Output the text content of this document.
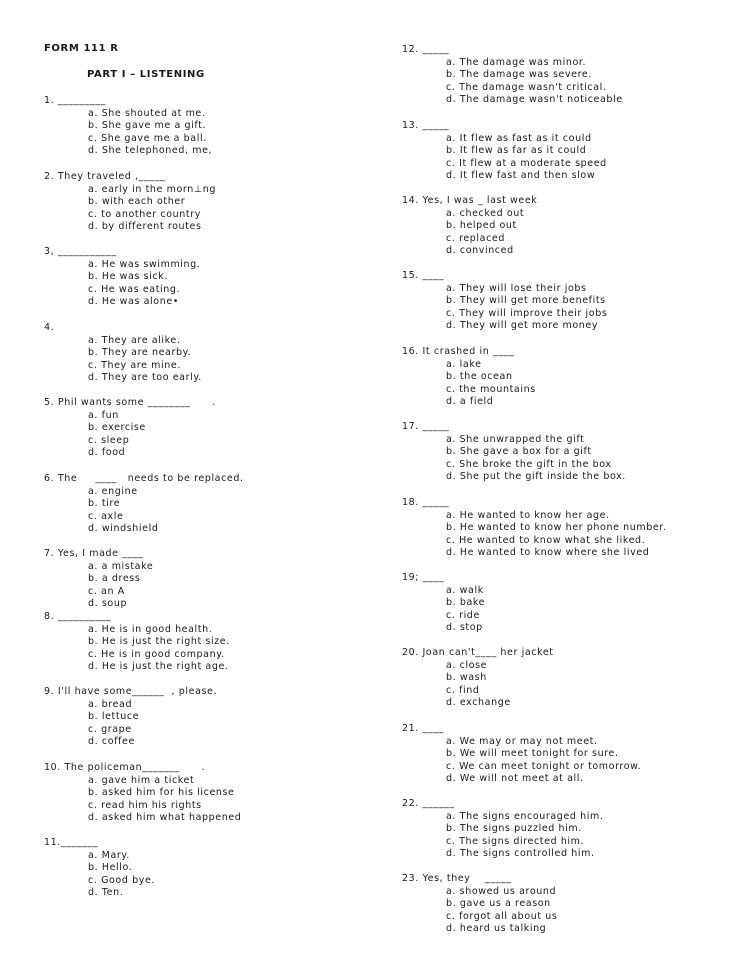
FORM 111 R
PART I – LISTENING
1. _________
a. She shouted at me.
b. She gave me a gift.
c. She gave me a ball.
d. She telephoned, me,
2. They traveled ,_____
a. early in the morn⊥ng
b. with each other
c. to another country
d. by different routes
3, ___________
a. He was swimming.
b. He was sick.
c. He was eating.
d. He was alone•
4.
a. They are alike.
b. They are nearby.
c. They are mine.
d. They are too early.
5. Phil wants some ________      .
a. fun
b. exercise
c. sleep
d. food
6. The     ____   needs to be replaced.
a. engine
b. tire
c. axle
d. windshield
7. Yes, I made ____
a. a mistake
b. a dress
c. an A
d. soup
8. __________
a. He is in good health.
b. He is just the right size.
c. He is in good company.
d. He is just the right age.
9. I'll have some______  , please.
a. bread
b. lettuce
c. grape
d. coffee
10. The policeman_______      .
a. gave him a ticket
b. asked him for his license
c. read him his rights
d. asked him what happened
11._______
a. Mary.
b. Hello.
c. Good bye.
d. Ten.
12. _____
a. The damage was minor.
b. The damage was severe.
c. The damage wasn't critical.
d. The damage wasn't noticeable
13. _____
a. It flew as fast as it could
b. It flew as far as it could
c. It flew at a moderate speed
d. It flew fast and then slow
14. Yes, I was _ last week
a. checked out
b. helped out
c. replaced
d. convinced
15. ____
a. They will lose their jobs
b. They will get more benefits
c. They will improve their jobs
d. They will get more money
16. It crashed in ____
a. lake
b. the ocean
c. the mountains
d. a field
17. _____
a. She unwrapped the gift
b. She gave a box for a gift
c. She broke the gift in the box
d. She put the gift inside the box.
18. _____
a. He wanted to know her age.
b. He wanted to know her phone number.
c. He wanted to know what she liked.
d. He wanted to know where she lived
19; ____
a. walk
b. bake
c. ride
d. stop
20. Joan can't____ her jacket
a. close
b. wash
c. find
d. exchange
21. ____
a. We may or may not meet.
b. We will meet tonight for sure.
c. We can meet tonight or tomorrow.
d. We will not meet at all.
22. ______
a. The signs encouraged him.
b. The signs puzzled him.
c. The signs directed him.
d. The signs controlled him.
23. Yes, they    _____
a. showed us around
b. gave us a reason
c. forgot all about us
d. heard us talking
